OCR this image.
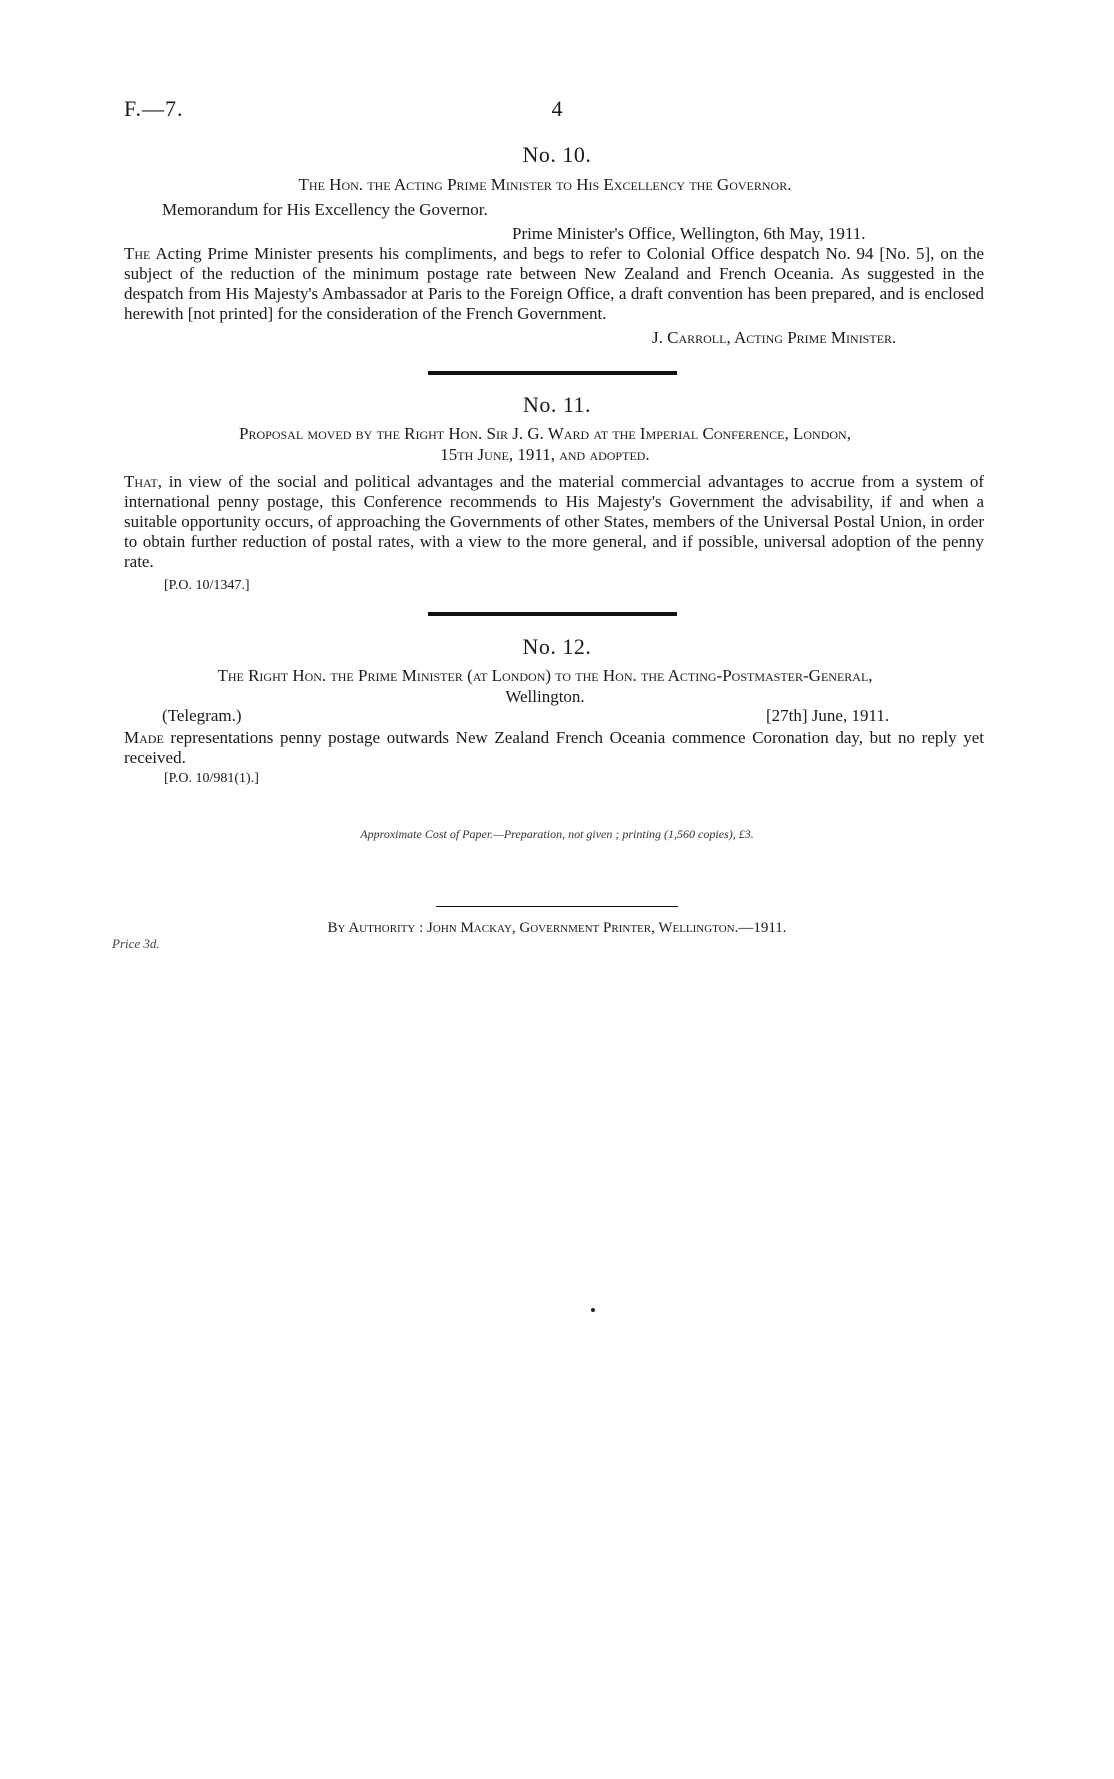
F.—7.	4
No. 10.
The Hon. the Acting Prime Minister to His Excellency the Governor.
Memorandum for His Excellency the Governor.
Prime Minister's Office, Wellington, 6th May, 1911.
The Acting Prime Minister presents his compliments, and begs to refer to Colonial Office despatch No. 94 [No. 5], on the subject of the reduction of the minimum postage rate between New Zealand and French Oceania. As suggested in the despatch from His Majesty's Ambassador at Paris to the Foreign Office, a draft convention has been prepared, and is enclosed herewith [not printed] for the consideration of the French Government.
J. Carroll, Acting Prime Minister.
No. 11.
Proposal moved by the Right Hon. Sir J. G. Ward at the Imperial Conference, London,
15th June, 1911, and adopted.
That, in view of the social and political advantages and the material commercial advantages to accrue from a system of international penny postage, this Conference recommends to His Majesty's Government the advisability, if and when a suitable opportunity occurs, of approaching the Governments of other States, members of the Universal Postal Union, in order to obtain further reduction of postal rates, with a view to the more general, and if possible, universal adoption of the penny rate.
[P.O. 10/1347.]
No. 12.
The Right Hon. the Prime Minister (at London) to the Hon. the Acting-Postmaster-General,
Wellington.
(Telegram.)	[27th] June, 1911.
Made representations penny postage outwards New Zealand French Oceania commence Coronation day, but no reply yet received.
[P.O. 10/981(1).]
Approximate Cost of Paper.—Preparation, not given ; printing (1,560 copies), £3.
By Authority : John Mackay, Government Printer, Wellington.—1911.
Price 3d.
